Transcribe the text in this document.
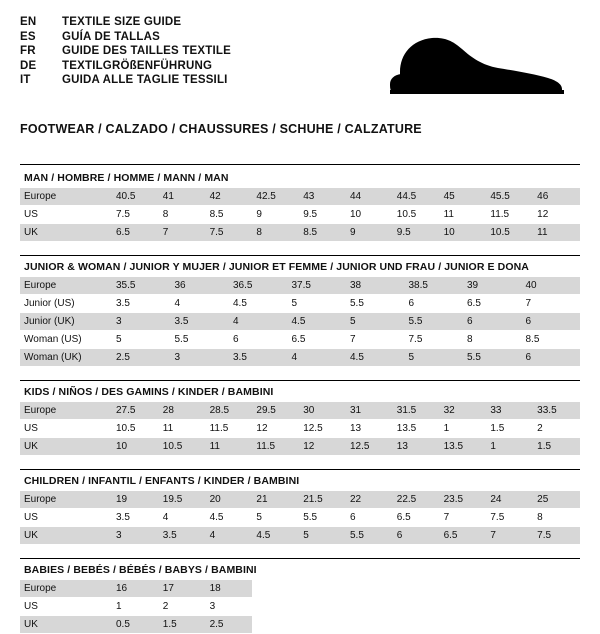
EN	TEXTILE SIZE GUIDE
ES	GUÍA DE TALLAS
FR	GUIDE DES TAILLES TEXTILE
DE	TEXTILGRÖßENFÜHRUNG
IT	GUIDA ALLE TAGLIE TESSILI
FOOTWEAR / CALZADO / CHAUSSURES / SCHUHE / CALZATURE
MAN / HOMBRE / HOMME / MANN / MAN
Europe	40.5	41	42	42.5	43	44	44.5	45	45.5	46
US	7.5	8	8.5	9	9.5	10	10.5	11	11.5	12
UK	6.5	7	7.5	8	8.5	9	9.5	10	10.5	11
JUNIOR & WOMAN / JUNIOR Y MUJER / JUNIOR ET FEMME / JUNIOR UND FRAU / JUNIOR E DONA
Europe	35.5	36	36.5	37.5	38	38.5	39	40
Junior (US)	3.5	4	4.5	5	5.5	6	6.5	7
Junior (UK)	3	3.5	4	4.5	5	5.5	6	6
Woman (US)	5	5.5	6	6.5	7	7.5	8	8.5
Woman (UK)	2.5	3	3.5	4	4.5	5	5.5	6
KIDS / NIÑOS / DES GAMINS / KINDER / BAMBINI
Europe	27.5	28	28.5	29.5	30	31	31.5	32	33	33.5
US	10.5	11	11.5	12	12.5	13	13.5	1	1.5	2
UK	10	10.5	11	11.5	12	12.5	13	13.5	1	1.5
CHILDREN / INFANTIL / ENFANTS / KINDER / BAMBINI
Europe	19	19.5	20	21	21.5	22	22.5	23.5	24	25
US	3.5	4	4.5	5	5.5	6	6.5	7	7.5	8
UK	3	3.5	4	4.5	5	5.5	6	6.5	7	7.5
BABIES / BEBÉS / BÉBÉS / BABYS / BAMBINI
Europe	16	17	18	
US	1	2	3	
UK	0.5	1.5	2.5	
